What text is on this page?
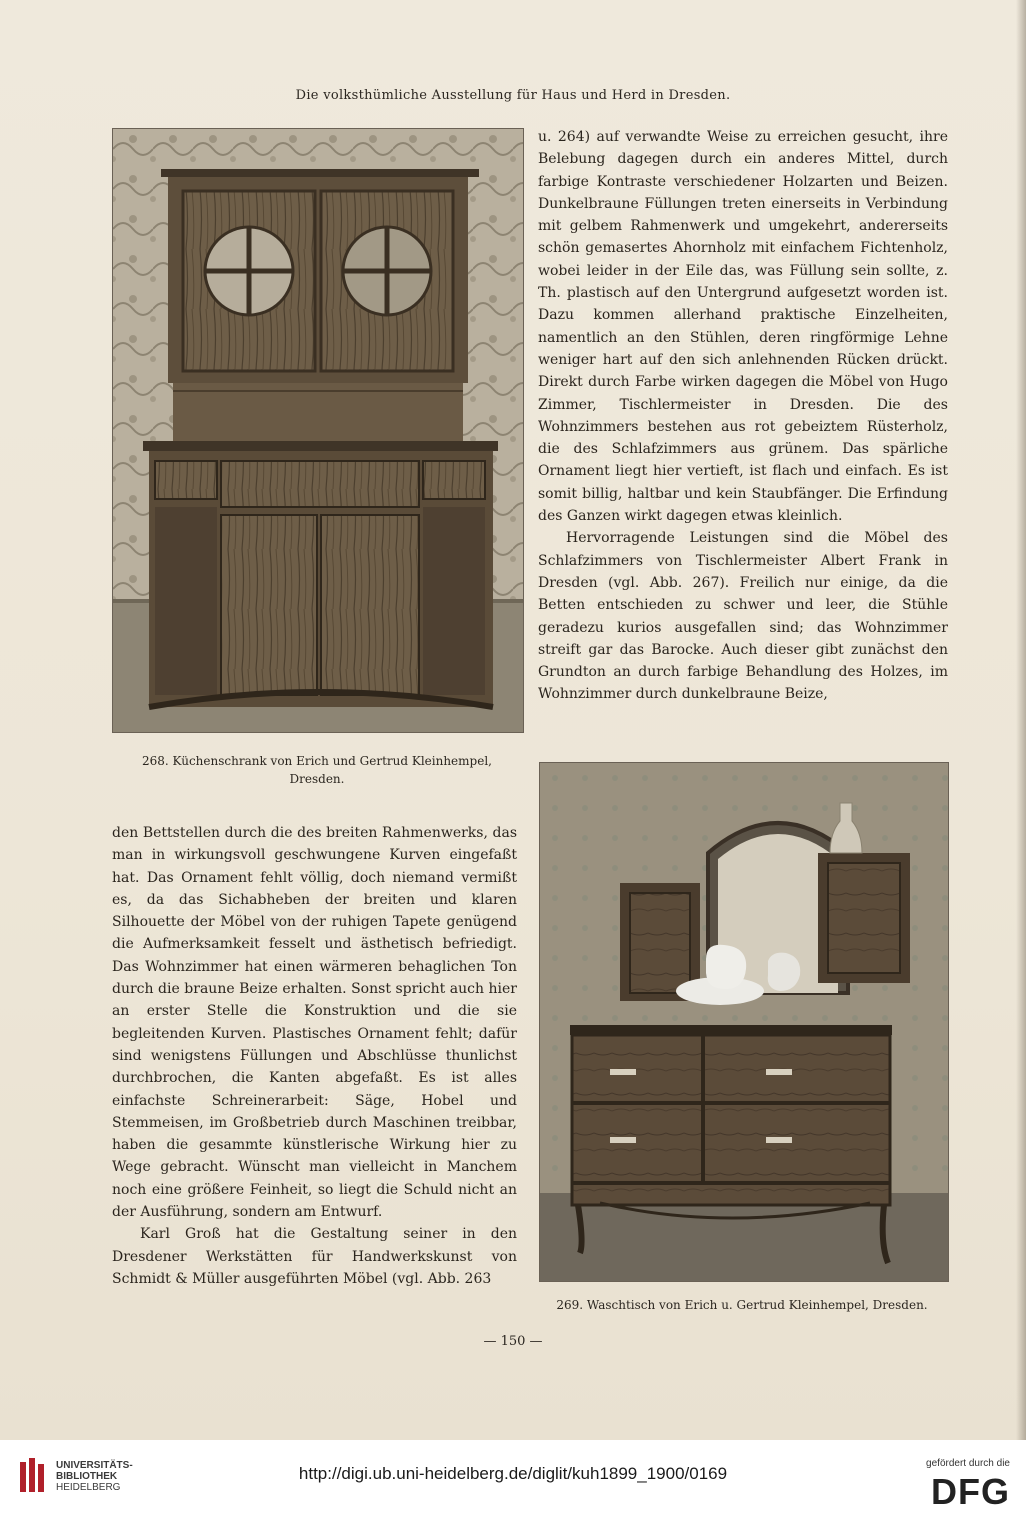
Die volksthümliche Ausstellung für Haus und Herd in Dresden.
268. Küchenschrank von Erich und Gertrud Kleinhempel,
Dresden.

u. 264) auf verwandte Weise zu erreichen gesucht, ihre Belebung dagegen durch ein anderes Mittel, durch farbige Kontraste verschiedener Holzarten und Beizen. Dunkelbraune Füllungen treten einerseits in Verbindung mit gelbem Rahmenwerk und umgekehrt, andererseits schön gemasertes Ahornholz mit einfachem Fichtenholz, wobei leider in der Eile das, was Füllung sein sollte, z. Th. plastisch auf den Untergrund aufgesetzt worden ist. Dazu kommen allerhand praktische Einzelheiten, namentlich an den Stühlen, deren ringförmige Lehne weniger hart auf den sich anlehnenden Rücken drückt. Direkt durch Farbe wirken dagegen die Möbel von Hugo Zimmer, Tischlermeister in Dresden. Die des Wohnzimmers bestehen aus rot gebeiztem Rüsterholz, die des Schlafzimmers aus grünem. Das spärliche Ornament liegt hier vertieft, ist flach und einfach. Es ist somit billig, haltbar und kein Staubfänger. Die Erfindung des Ganzen wirkt dagegen etwas kleinlich.

Hervorragende Leistungen sind die Möbel des Schlafzimmers von Tischlermeister Albert Frank in Dresden (vgl. Abb. 267). Freilich nur einige, da die Betten entschieden zu schwer und leer, die Stühle geradezu kurios ausgefallen sind; das Wohnzimmer streift gar das Barocke. Auch dieser gibt zunächst den Grundton an durch farbige Behandlung des Holzes, im Wohnzimmer durch dunkelbraune Beize,

269. Waschtisch von Erich u. Gertrud Kleinhempel, Dresden.

den Bettstellen durch die des breiten Rahmenwerks, das man in wirkungsvoll geschwungene Kurven eingefaßt hat. Das Ornament fehlt völlig, doch niemand vermißt es, da das Sichabheben der breiten und klaren Silhouette der Möbel von der ruhigen Tapete genügend die Aufmerksamkeit fesselt und ästhetisch befriedigt. Das Wohnzimmer hat einen wärmeren behaglichen Ton durch die braune Beize erhalten. Sonst spricht auch hier an erster Stelle die Konstruktion und die sie begleitenden Kurven. Plastisches Ornament fehlt; dafür sind wenigstens Füllungen und Abschlüsse thunlichst durchbrochen, die Kanten abgefaßt. Es ist alles einfachste Schreinerarbeit: Säge, Hobel und Stemmeisen, im Großbetrieb durch Maschinen treibbar, haben die gesammte künstlerische Wirkung hier zu Wege gebracht. Wünscht man vielleicht in Manchem noch eine größere Feinheit, so liegt die Schuld nicht an der Ausführung, sondern am Entwurf.

Karl Groß hat die Gestaltung seiner in den Dresdener Werkstätten für Handwerkskunst von Schmidt & Müller ausgeführten Möbel (vgl. Abb. 263

— 150 —
UNIVERSITÄTS-
BIBLIOTHEK
HEIDELBERG
http://digi.ub.uni-heidelberg.de/diglit/kuh1899_1900/0169
gefördert durch die
DFG
